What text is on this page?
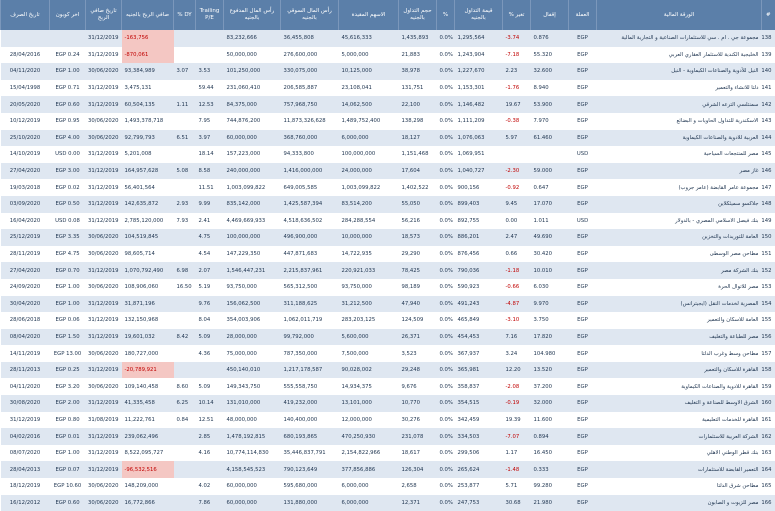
#	الورقة المالية	العملة	إقفال	تغير %	قيمة التداول بالجنيه	%	حجم التداول بالجنيه	الاسهم المقيدة	رأس المال السوقي بالجنيه	رأس المال المدفوع بالجنيه	Trailing P/E	DY %	صافي الربح بالجنيه	تاريخ صافي الربح	اخر كوبون	تاريخ الصرف
138	مجموعة جي . ام . سي للاستثمارات الصناعية و التجارية المالية	EGP	0.876	-3.74	1,295,564	0.0%	1,435,893	45,616,333	36,455,808	83,232,666			-163,756	31/12/2019		
139	الخليجية الكندية للاستثمار العقاري العربي	EGP	55.320	-7.18	1,243,904	0.0%	21,883	5,000,000	276,600,000	50,000,000			-870,061	31/12/2019	EGP 0.24	28/04/2016
140	النيل للأدوية والصناعات الكيماوية - النيل	EGP	32.600	2.23	1,227,670	0.0%	38,978	10,125,000	330,075,000	101,250,000	3.53	3.07	93,384,989	30/06/2020	EGP 1.00	04/11/2020
141	دلتا للانشاء والتعمير	EGP	8.940	-1.76	1,153,301	0.0%	131,751	23,108,041	206,585,887	231,060,410	59.44		3,475,131	31/12/2019	EGP 0.71	15/04/1998
142	سمنتلسي الترعه الشرقي	EGP	53.900	19.67	1,146,482	0.0%	22,100	14,062,500	757,968,750	84,375,000	12.53	1.11	60,504,135	31/12/2019	EGP 0.60	20/05/2020
143	الاسكندرية للتداول الحاويات و البضائع	EGP	7.970	-0.38	1,111,209	0.0%	138,298	1,489,752,400	11,873,326,628	744,876,200	7.95		1,493,378,718	30/06/2020	EGP 0.95	10/12/2019
144	العربية للادوية والصناعات الكيماوية	EGP	61.460	5.97	1,076,063	0.0%	18,127	6,000,000	368,760,000	60,000,000	3.97	6.51	92,799,793	30/06/2020	EGP 4.00	25/10/2020
145	مصر للمنتجعات السياحية	USD			1,069,951	0.0%	1,151,468	100,000,000	94,333,800	157,223,000	18.14		5,201,008	31/12/2019	USD 0.00	14/10/2019
146	غاز مصر	EGP	59.000	-2.30	1,040,727	0.0%	17,604	24,000,000	1,416,000,000	240,000,000	8.58	5.08	164,957,628	31/12/2019	EGP 3.00	27/04/2020
147	مجموعة عامر القابضة (عامر جروب)	EGP	0.647	-0.92	900,156	0.0%	1,402,522	1,003,099,822	649,005,585	1,003,099,822	11.51		56,401,564	31/12/2019	EGP 0.02	19/03/2018
148	جلاكسو سميثكلاين	EGP	17.070	9.45	899,403	0.0%	55,050	83,514,200	1,425,587,394	835,142,000	9.99	2.93	142,635,872	31/12/2019	EGP 0.50	03/09/2020
149	بنك فيصل الاسلامي المصري - بالدولار	USD	1.011	0.00	892,755	0.0%	56,216	284,288,554	4,518,636,502	4,469,669,933	2.41	7.93	2,785,120,000	31/12/2019	USD 0.08	16/04/2020
150	العامة للتوريدات والتخزين	EGP	49.690	2.47	886,201	0.0%	18,573	10,000,000	496,900,000	100,000,000	4.75		104,519,845	30/06/2020	EGP 3.35	25/12/2019
151	مطاحن مصر الوسطى	EGP	30.420	0.66	876,456	0.0%	29,290	14,722,935	447,871,683	147,229,350	4.54		98,605,714	30/06/2020	EGP 4.75	28/11/2019
152	بنك الشركة مصر	EGP	10.010	-1.18	790,036	0.0%	78,425	220,921,033	2,215,837,961	1,546,447,231	2.07	6.98	1,070,792,490	31/12/2019	EGP 0.70	27/04/2020
153	مصر للاتوال الحرة	EGP	6.030	-0.66	590,923	0.0%	98,189	93,750,000	565,312,500	93,750,000	5.19	16.50	108,906,060	30/06/2020	EGP 1.00	24/09/2020
154	المصرية لخدمات النقل (ايجيترانس)	EGP	9.970	-4.87	491,243	0.0%	47,940	31,212,500	311,188,625	156,062,500	9.76		31,871,196	31/12/2019	EGP 1.00	30/04/2020
155	العامة للاسكان والتعمير	EGP	3.750	-3.10	465,849	0.0%	124,509	283,203,125	1,062,011,719	354,003,906	8.04		132,150,968	31/12/2019	EGP 0.06	28/06/2018
156	مصر للطباعة والتغليف	EGP	17.820	7.16	454,453	0.0%	26,371	5,600,000	99,792,000	28,000,000	5.09	8.42	19,601,032	31/12/2019	EGP 1.50	08/04/2020
157	مطاحن وسط وغرب الدلتا	EGP	104.980	3.24	367,937	0.0%	3,523	7,500,000	787,350,000	75,000,000	4.36		180,727,000	30/06/2020	EGP 13.00	14/11/2019
158	القاهرة للاسكان والتعمير	EGP	13.520	12.20	365,981	0.0%	29,248	90,028,002	1,217,178,587	450,140,010			-20,789,921	31/12/2019	EGP 0.25	28/11/2013
159	القاهرة للادوية والصناعات الكيماوية	EGP	37.200	-2.08	358,837	0.0%	9,676	14,934,375	555,558,750	149,343,750	5.09	8.60	109,140,458	30/06/2020	EGP 3.20	04/11/2020
160	الشرق الاوسط للصناعة و التغليف	EGP	32.000	-0.19	354,515	0.0%	10,770	13,101,000	419,232,000	131,010,000	10.14	6.25	41,335,458	31/12/2019	EGP 2.00	30/08/2020
161	القاهرة للخدمات التعليمية	EGP	11.600	19.39	342,459	0.0%	30,276	12,000,000	140,400,000	48,000,000	12.51	0.84	11,222,761	31/08/2019	EGP 0.80	31/12/2019
162	الشركة العربية للاستثمارات	EGP	0.894	-7.07	334,503	0.0%	231,078	470,250,930	680,193,865	1,478,192,815	2.85		239,062,496	31/12/2019	EGP 0.01	04/02/2016
163	بنك قطر الوطني الاهلي	EGP	16.450	1.17	299,506	0.0%	18,617	2,154,822,966	35,446,837,791	10,774,114,830	4.16		8,522,095,727	31/12/2019	EGP 1.00	08/07/2020
164	التعمير القابضة للاستثمارات	EGP	0.333	-1.48	265,624	0.0%	126,304	377,856,886	790,123,649	4,158,545,523			-96,532,516	31/12/2019	EGP 0.07	28/04/2013
165	مطاحن شرق الدلتا	EGP	99.280	5.71	253,877	0.0%	2,658	6,000,000	595,680,000	60,000,000	4.02		148,209,000	30/06/2020	EGP 10.60	18/12/2019
166	مصر للزيوت و الصابون	EGP	21.980	30.68	247,753	0.0%	12,371	6,000,000	131,880,000	60,000,000	7.86		16,772,866	30/06/2020	EGP 0.60	16/12/2012
